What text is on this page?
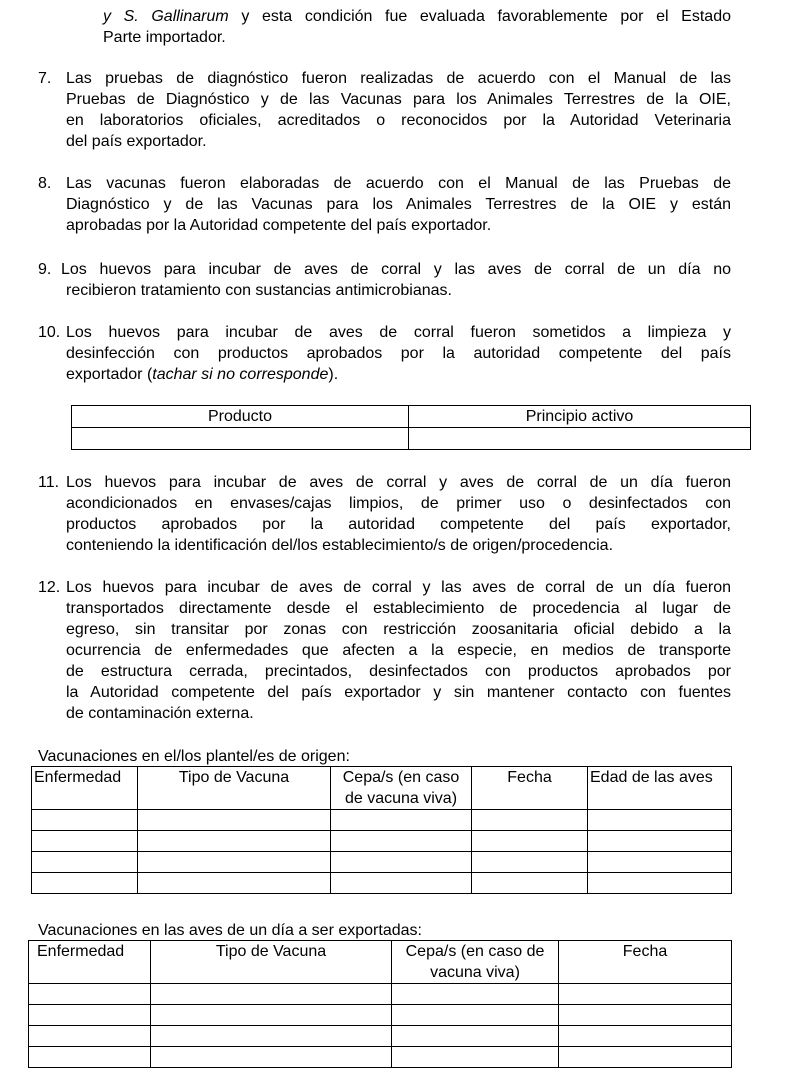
y S. Gallinarum y esta condición fue evaluada favorablemente por el Estado
Parte importador.
7. Las pruebas de diagnóstico fueron realizadas de acuerdo con el Manual de las
Pruebas de Diagnóstico y de las Vacunas para los Animales Terrestres de la OIE,
en laboratorios oficiales, acreditados o reconocidos por la Autoridad Veterinaria
del país exportador.
8. Las vacunas fueron elaboradas de acuerdo con el Manual de las Pruebas de
Diagnóstico y de las Vacunas para los Animales Terrestres de la OIE y están
aprobadas por la Autoridad competente del país exportador.
9. Los huevos para incubar de aves de corral y las aves de corral de un día no
recibieron tratamiento con sustancias antimicrobianas.
10. Los huevos para incubar de aves de corral fueron sometidos a limpieza y
desinfección con productos aprobados por la autoridad competente del país
exportador (tachar si no corresponde).
Producto	Principio activo

11. Los huevos para incubar de aves de corral y aves de corral de un día fueron
acondicionados en envases/cajas limpios, de primer uso o desinfectados con
productos aprobados por la autoridad competente del país exportador,
conteniendo la identificación del/los establecimiento/s de origen/procedencia.
12. Los huevos para incubar de aves de corral y las aves de corral de un día fueron
transportados directamente desde el establecimiento de procedencia al lugar de
egreso, sin transitar por zonas con restricción zoosanitaria oficial debido a la
ocurrencia de enfermedades que afecten a la especie, en medios de transporte
de estructura cerrada, precintados, desinfectados con productos aprobados por
la Autoridad competente del país exportador y sin mantener contacto con fuentes
de contaminación externa.
Vacunaciones en el/los plantel/es de origen:
Enfermedad	Tipo de Vacuna	Cepa/s (en caso
de vacuna viva)	Fecha	Edad de las aves

Vacunaciones en las aves de un día a ser exportadas:
Enfermedad	Tipo de Vacuna	Cepa/s (en caso de
vacuna viva)	Fecha
